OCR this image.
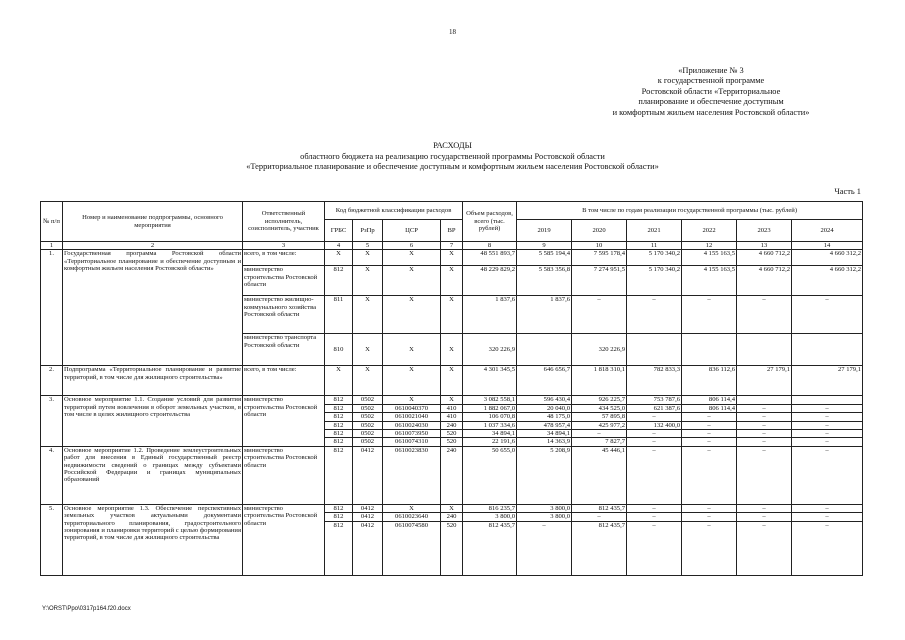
18
«Приложение № 3
к государственной программе
Ростовской области «Территориальное
планирование и обеспечение доступным
и комфортным жильем населения Ростовской области»
РАСХОДЫ
областного бюджета на реализацию государственной программы Ростовской области
«Территориальное планирование и обеспечение доступным и комфортным жильем населения Ростовской области»
Часть 1
№ п/п	Номер и наименование подпрограммы, основного мероприятия	Ответственный исполнитель, соисполнитель, участник	Код бюджетной классификации расходов				Объем расходов, всего (тыс. рублей)	В том числе по годам реализации государственной программы (тыс. рублей)					
			ГРБС	РзПр	ЦСР	ВР		2019	2020	2021	2022	2023	2024
1	2	3	4	5	6	7	8	9	10	11	12	13	14
1.	Государственная программа Ростовской области «Территориальное планирование и обеспечение доступным и комфортным жильем населения Ростовской области»	всего, в том числе:	X	X	X	X	48 551 893,7	5 585 194,4	7 595 178,4	5 170 340,2	4 155 163,5	4 660 712,2	4 660 312,2
		министерство строительства Ростовской области	812	X	X	X	48 229 829,2	5 583 356,8	7 274 951,5	5 170 340,2	4 155 163,5	4 660 712,2	4 660 312,2
		министерство жилищно-коммунального хозяйства Ростовской области	811	X	X	X	1 837,6	1 837,6	–	–	–	–	–
		министерство транспорта Ростовской области	810	X	X	X	320 226,9		320 226,9				
2.	Подпрограмма «Территориальное планирование и развитие территорий, в том числе для жилищного строительства»	всего, в том числе:	X	X	X	X	4 301 345,5	646 656,7	1 818 310,1	782 833,3	836 112,6	27 179,1	27 179,1
3.	Основное мероприятие 1.1. Создание условий для развития территорий путем вовлечения в оборот земельных участков, в том числе в целях жилищного строительства	министерство строительства Ростовской области	812	0502	X	X	3 082 558,1	596 430,4	926 225,7	753 787,6	806 114,4		
			812	0502	0610040370	410	1 882 067,0	20 040,0	434 525,0	621 387,6	806 114,4	–	–
			812	0502	0610021040	410	106 070,8	48 175,0	57 895,8	–	–	–	–
			812	0502	0610024030	240	1 037 334,6	478 957,4	425 977,2	132 400,0	–	–	–
			812	0502	0610073950	520	34 894,1	34 894,1	–	–	–	–	–
			812	0502	0610074310	520	22 191,6	14 363,9	7 827,7	–	–	–	–
4.	Основное мероприятие 1.2. Проведение землеустроительных работ для внесения в Единый государственный реестр недвижимости сведений о границах между субъектами Российской Федерации и границах муниципальных образований	министерство строительства Ростовской области	812	0412	0610023830	240	50 655,0	5 208,9	45 446,1	–	–	–	–
5.	Основное мероприятие 1.3. Обеспечение перспективных земельных участков актуальными документами территориального планирования, градостроительного зонирования и планировки территорий с целью формирования территорий, в том числе для жилищного строительства	министерство строительства Ростовской области	812	0412	X	X	816 235,7	3 800,0	812 435,7	–	–	–	–
			812	0412	0610023640	240	3 800,0	3 800,0	–	–	–	–	–
			812	0412	0610074580	520	812 435,7	–	812 435,7	–	–	–	–
Y:\ORST\Ppo\0317p164.f20.docx
